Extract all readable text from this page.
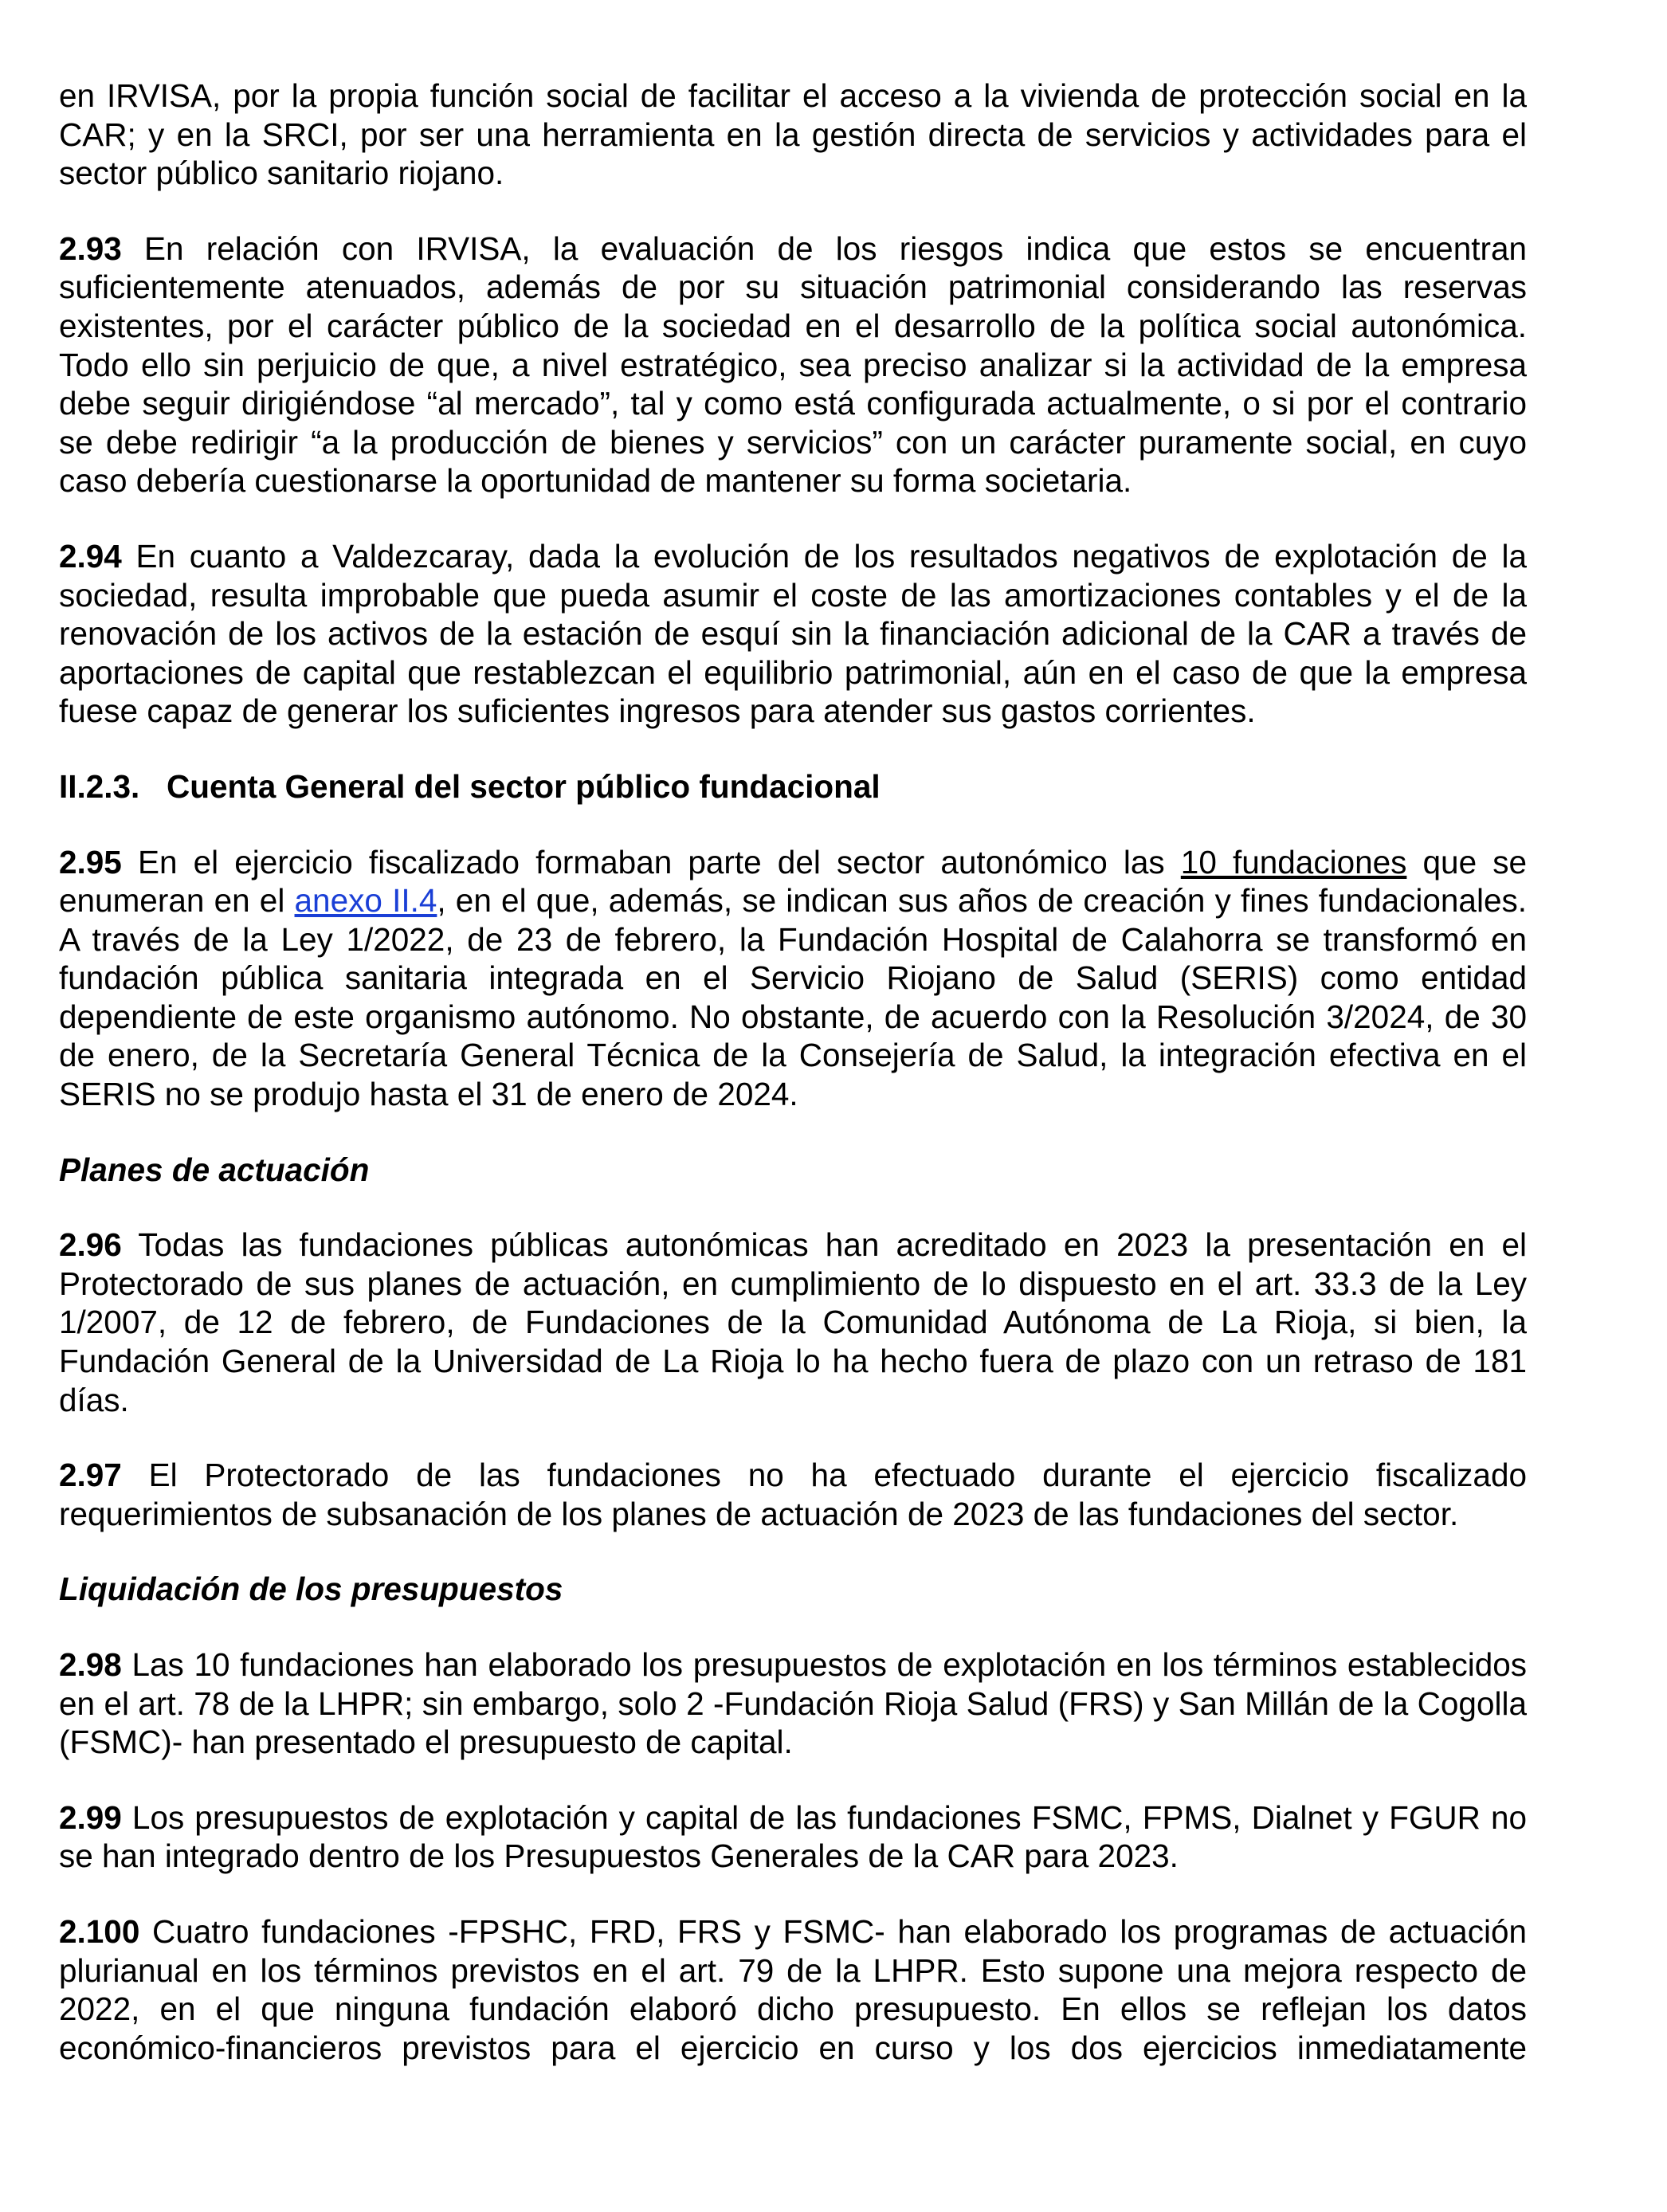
en IRVISA, por la propia función social de facilitar el acceso a la vivienda de protección social en la CAR; y en la SRCI, por ser una herramienta en la gestión directa de servicios y actividades para el sector público sanitario riojano.

2.93 En relación con IRVISA, la evaluación de los riesgos indica que estos se encuentran suficientemente atenuados, además de por su situación patrimonial considerando las reservas existentes, por el carácter público de la sociedad en el desarrollo de la política social autonómica. Todo ello sin perjuicio de que, a nivel estratégico, sea preciso analizar si la actividad de la empresa debe seguir dirigiéndose “al mercado”, tal y como está configurada actualmente, o si por el contrario se debe redirigir “a la producción de bienes y servicios” con un carácter puramente social, en cuyo caso debería cuestionarse la oportunidad de mantener su forma societaria.

2.94 En cuanto a Valdezcaray, dada la evolución de los resultados negativos de explotación de la sociedad, resulta improbable que pueda asumir el coste de las amortizaciones contables y el de la renovación de los activos de la estación de esquí sin la financiación adicional de la CAR a través de aportaciones de capital que restablezcan el equilibrio patrimonial, aún en el caso de que la empresa fuese capaz de generar los suficientes ingresos para atender sus gastos corrientes.

II.2.3. Cuenta General del sector público fundacional

2.95 En el ejercicio fiscalizado formaban parte del sector autonómico las 10 fundaciones que se enumeran en el anexo II.4, en el que, además, se indican sus años de creación y fines fundacionales. A través de la Ley 1/2022, de 23 de febrero, la Fundación Hospital de Calahorra se transformó en fundación pública sanitaria integrada en el Servicio Riojano de Salud (SERIS) como entidad dependiente de este organismo autónomo. No obstante, de acuerdo con la Resolución 3/2024, de 30 de enero, de la Secretaría General Técnica de la Consejería de Salud, la integración efectiva en el SERIS no se produjo hasta el 31 de enero de 2024.

Planes de actuación

2.96 Todas las fundaciones públicas autonómicas han acreditado en 2023 la presentación en el Protectorado de sus planes de actuación, en cumplimiento de lo dispuesto en el art. 33.3 de la Ley 1/2007, de 12 de febrero, de Fundaciones de la Comunidad Autónoma de La Rioja, si bien, la Fundación General de la Universidad de La Rioja lo ha hecho fuera de plazo con un retraso de 181 días.

2.97 El Protectorado de las fundaciones no ha efectuado durante el ejercicio fiscalizado requerimientos de subsanación de los planes de actuación de 2023 de las fundaciones del sector.

Liquidación de los presupuestos

2.98 Las 10 fundaciones han elaborado los presupuestos de explotación en los términos establecidos en el art. 78 de la LHPR; sin embargo, solo 2 -Fundación Rioja Salud (FRS) y San Millán de la Cogolla (FSMC)- han presentado el presupuesto de capital.

2.99 Los presupuestos de explotación y capital de las fundaciones FSMC, FPMS, Dialnet y FGUR no se han integrado dentro de los Presupuestos Generales de la CAR para 2023.

2.100 Cuatro fundaciones -FPSHC, FRD, FRS y FSMC- han elaborado los programas de actuación plurianual en los términos previstos en el art. 79 de la LHPR. Esto supone una mejora respecto de 2022, en el que ninguna fundación elaboró dicho presupuesto. En ellos se reflejan los datos económico-financieros previstos para el ejercicio en curso y los dos ejercicios inmediatamente
